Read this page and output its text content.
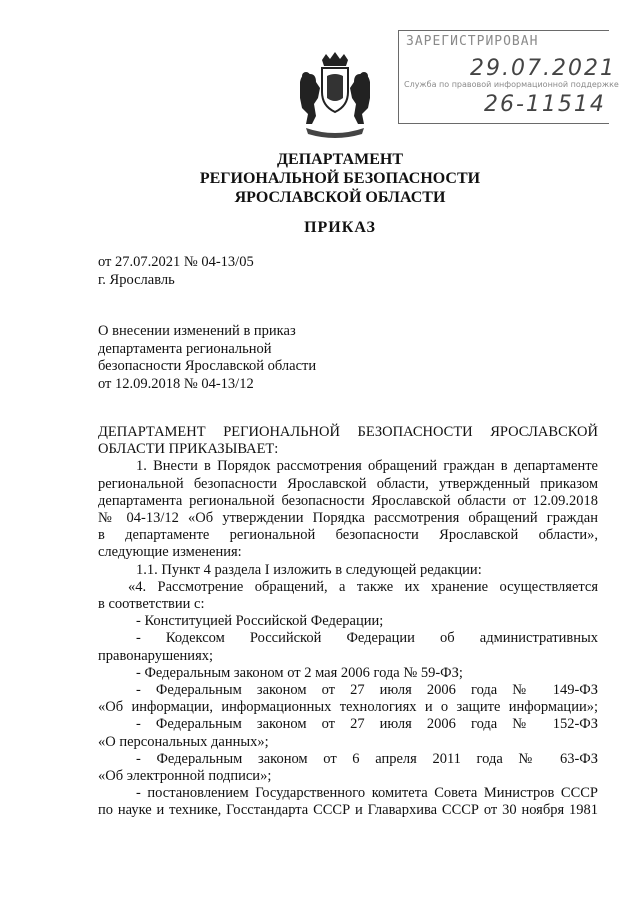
ЗАРЕГИСТРИРОВАН
29.07.2021
Служба по правовой информационной поддержке
26-11514
ДЕПАРТАМЕНТ
РЕГИОНАЛЬНОЙ БЕЗОПАСНОСТИ
ЯРОСЛАВСКОЙ ОБЛАСТИ
ПРИКАЗ
от 27.07.2021 № 04-13/05
г. Ярославль
О внесении изменений в приказ
департамента региональной
безопасности Ярославской области
от 12.09.2018 № 04-13/12
ДЕПАРТАМЕНТ РЕГИОНАЛЬНОЙ БЕЗОПАСНОСТИ ЯРОСЛАВСКОЙ
ОБЛАСТИ ПРИКАЗЫВАЕТ:
1. Внести в Порядок рассмотрения обращений граждан в департаменте
региональной безопасности Ярославской области, утвержденный приказом
департамента региональной безопасности Ярославской области от 12.09.2018
№ 04-13/12 «Об утверждении Порядка рассмотрения обращений граждан
в департаменте региональной безопасности Ярославской области»,
следующие изменения:
1.1. Пункт 4 раздела I изложить в следующей редакции:
«4. Рассмотрение обращений, а также их хранение осуществляется
в соответствии с:
- Конституцией Российской Федерации;
- Кодексом Российской Федерации об административных
правонарушениях;
- Федеральным законом от 2 мая 2006 года № 59-ФЗ;
- Федеральным законом от 27 июля 2006 года № 149-ФЗ
«Об информации, информационных технологиях и о защите информации»;
- Федеральным законом от 27 июля 2006 года № 152-ФЗ
«О персональных данных»;
- Федеральным законом от 6 апреля 2011 года № 63-ФЗ
«Об электронной подписи»;
- постановлением Государственного комитета Совета Министров СССР
по науке и технике, Госстандарта СССР и Главархива СССР от 30 ноября 1981
